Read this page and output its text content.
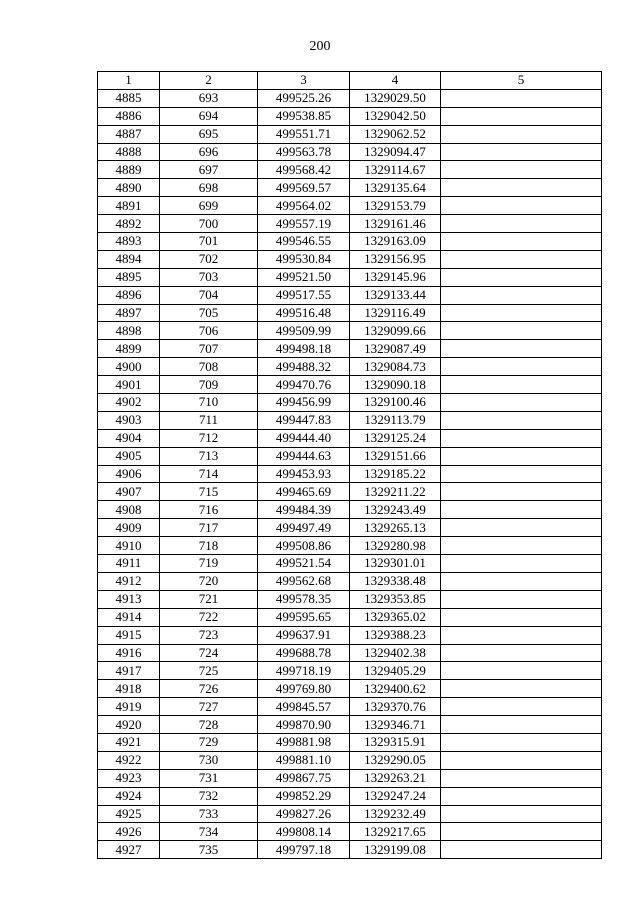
200
1	2	3	4	5
4885	693	499525.26	1329029.50	
4886	694	499538.85	1329042.50	
4887	695	499551.71	1329062.52	
4888	696	499563.78	1329094.47	
4889	697	499568.42	1329114.67	
4890	698	499569.57	1329135.64	
4891	699	499564.02	1329153.79	
4892	700	499557.19	1329161.46	
4893	701	499546.55	1329163.09	
4894	702	499530.84	1329156.95	
4895	703	499521.50	1329145.96	
4896	704	499517.55	1329133.44	
4897	705	499516.48	1329116.49	
4898	706	499509.99	1329099.66	
4899	707	499498.18	1329087.49	
4900	708	499488.32	1329084.73	
4901	709	499470.76	1329090.18	
4902	710	499456.99	1329100.46	
4903	711	499447.83	1329113.79	
4904	712	499444.40	1329125.24	
4905	713	499444.63	1329151.66	
4906	714	499453.93	1329185.22	
4907	715	499465.69	1329211.22	
4908	716	499484.39	1329243.49	
4909	717	499497.49	1329265.13	
4910	718	499508.86	1329280.98	
4911	719	499521.54	1329301.01	
4912	720	499562.68	1329338.48	
4913	721	499578.35	1329353.85	
4914	722	499595.65	1329365.02	
4915	723	499637.91	1329388.23	
4916	724	499688.78	1329402.38	
4917	725	499718.19	1329405.29	
4918	726	499769.80	1329400.62	
4919	727	499845.57	1329370.76	
4920	728	499870.90	1329346.71	
4921	729	499881.98	1329315.91	
4922	730	499881.10	1329290.05	
4923	731	499867.75	1329263.21	
4924	732	499852.29	1329247.24	
4925	733	499827.26	1329232.49	
4926	734	499808.14	1329217.65	
4927	735	499797.18	1329199.08	
